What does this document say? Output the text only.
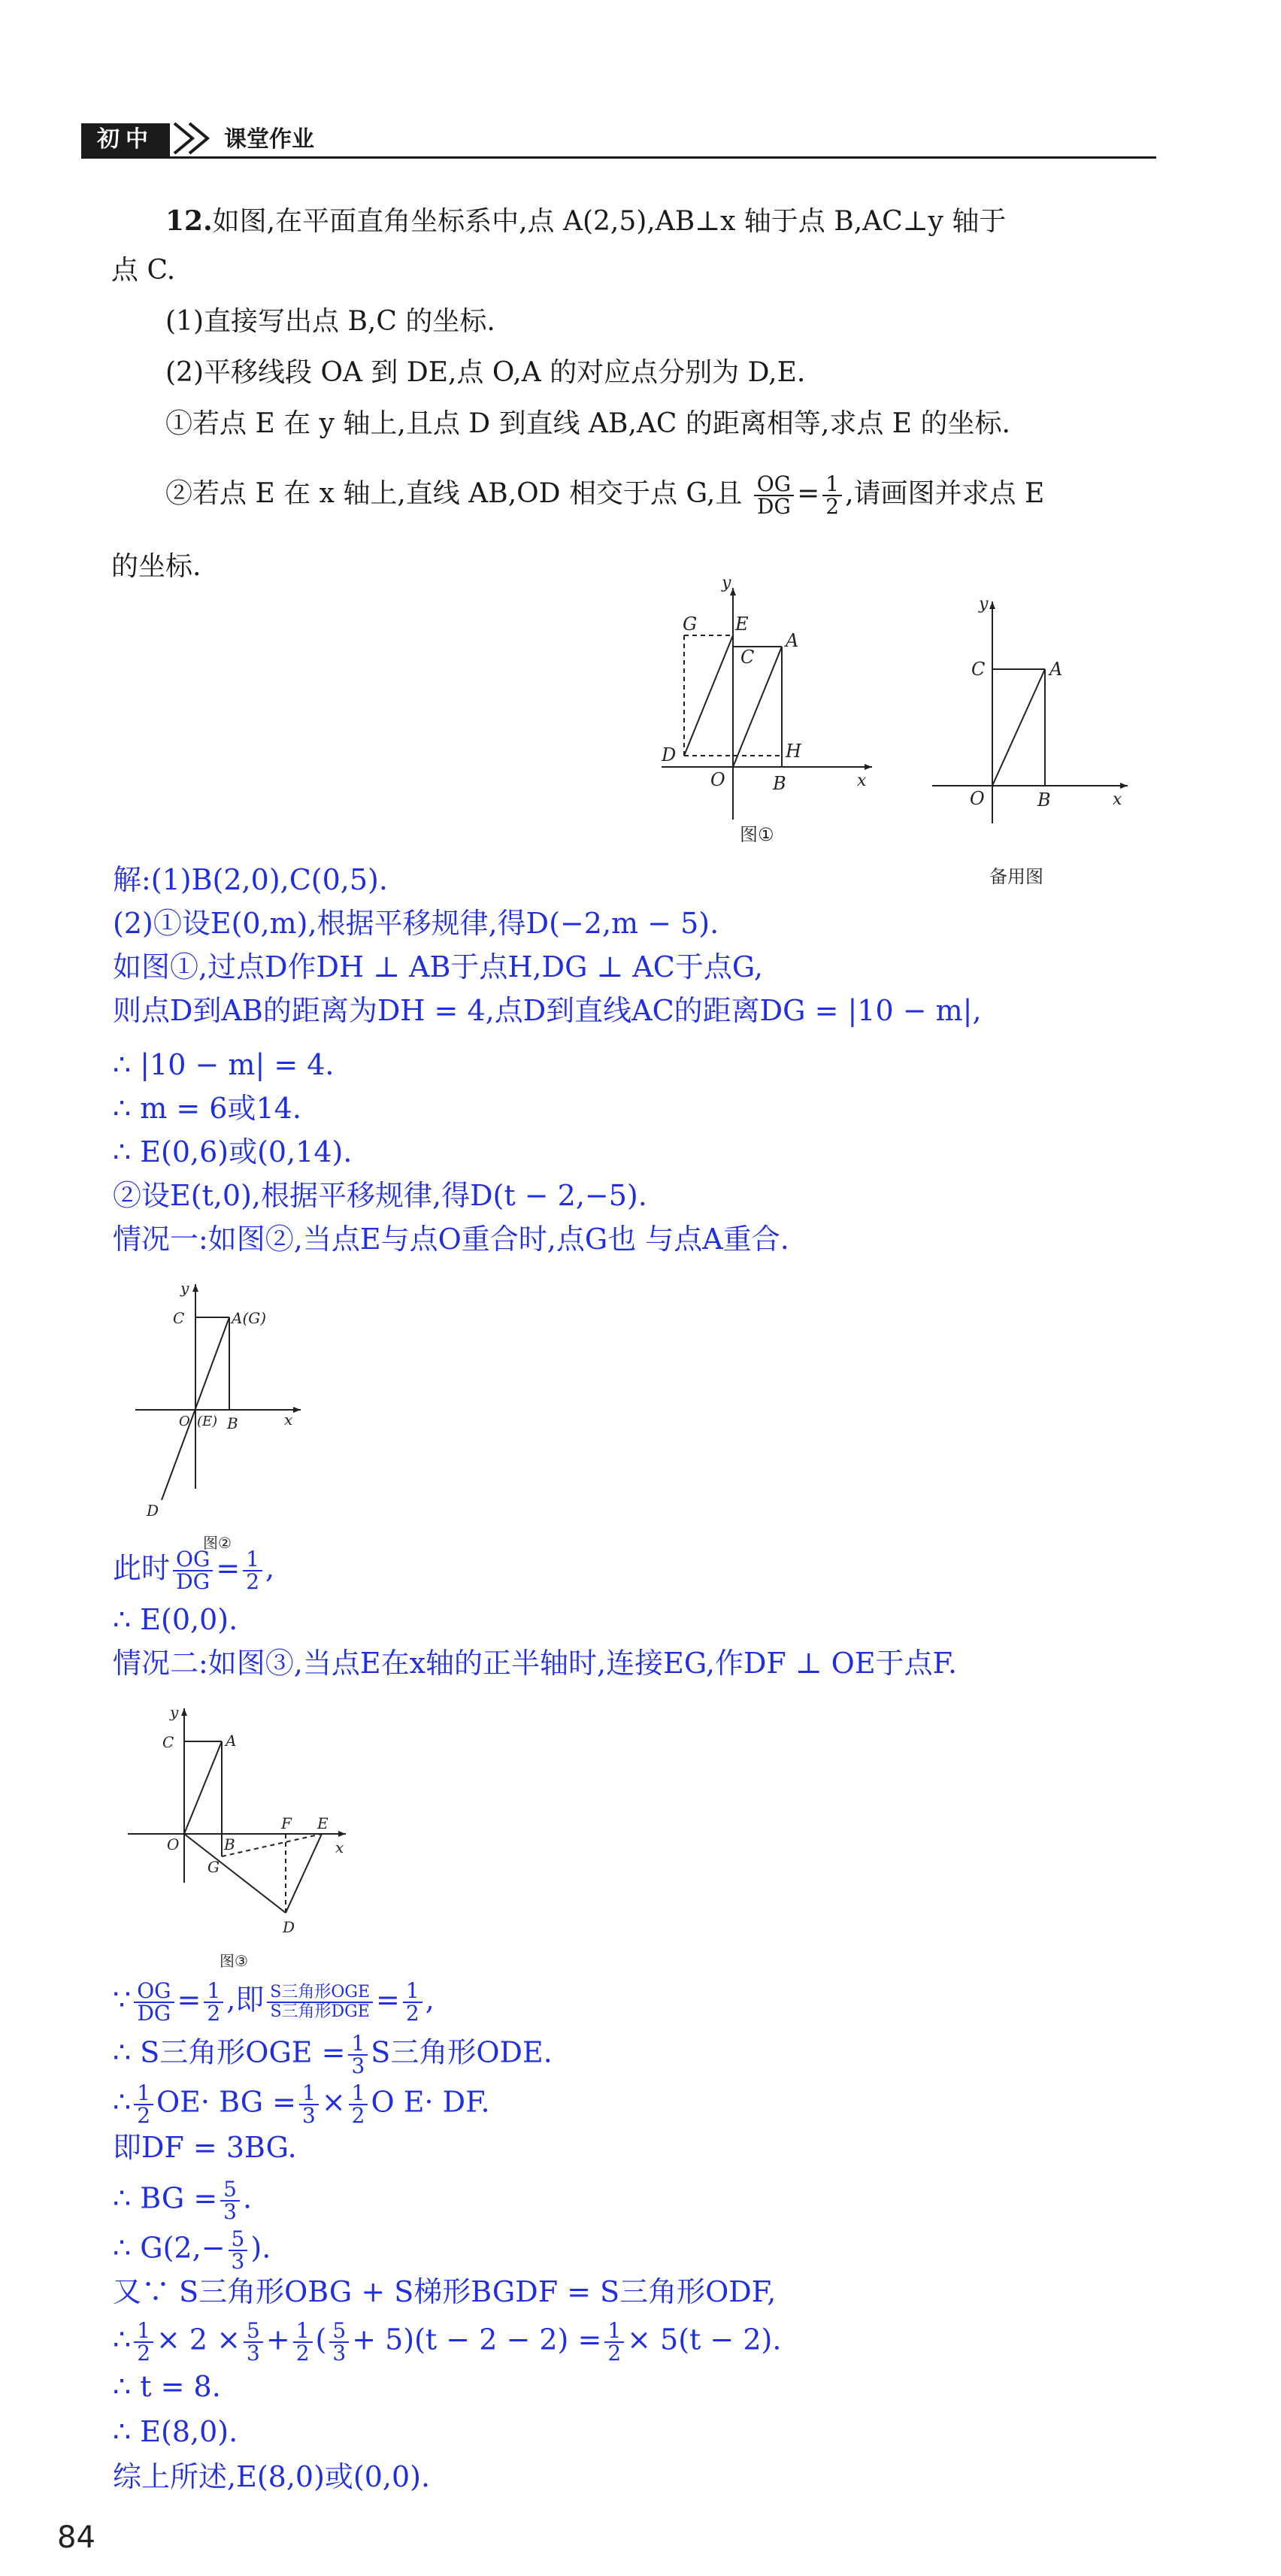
初中	课堂作业
12.如图,在平面直角坐标系中,点 A(2,5),AB⊥x 轴于点 B,AC⊥y 轴于
点 C.
(1)直接写出点 B,C 的坐标.
(2)平移线段 OA 到 DE,点 O,A 的对应点分别为 D,E.
①若点 E 在 y 轴上,且点 D 到直线 AB,AC 的距离相等,求点 E 的坐标.
②若点 E 在 x 轴上,直线 AB,OD 相交于点 G,且 $\frac{OG}{DG} = \frac{1}{2}$ ,请画图并求点 E
的坐标.
y
x
G E
C
A
D	H
O	B
图①
y
x
C	A
O	B
备用图
解:(1)B(2,0),C(0,5).
(2)①设E(0,m),根据平移规律,得D(−2,m − 5).
如图①,过点D作DH ⊥ AB于点H,DG ⊥ AC于点G,
则点D到AB的距离为DH = 4,点D到直线AC的距离DG = |10 − m|,
∴ |10 − m| = 4.
∴ m = 6或14.
∴ E(0,6)或(0,14).
②设E(t,0),根据平移规律,得D(t − 2,−5).
情况一:如图②,当点E与点O重合时,点G也 与点A重合.
y
x
C	A(G)
O (E) B
D
图②
此时 $\frac{OG}{DG} = \frac{1}{2}$ ,
∴ E(0,0).
情况二:如图③,当点E在x轴的正半轴时,连接EG,作DF ⊥ OE于点F.
y
x
C	A
O	B
G
F E
D
图③
∵ $\frac{OG}{DG} = \frac{1}{2}$ ,即 $\frac{\text{S三角形OGE}}{\text{S三角形DGE}} = \frac{1}{2}$ ,
∴ S三角形OGE = $\frac{1}{3}$ S三角形ODE.
∴ $\frac{1}{2} OE\cdot$ BG = $\frac{1}{3} \times \frac{1}{2}$ O E· DF.
即DF = 3BG.
∴ BG = $\frac{5}{3}$ .
∴ $G(2,- \frac{5}{3}$ ).
又∵ S三角形OBG + S梯形BGDF = S三角形ODF,
∴ $\frac{1}{2} \times 2 \times \frac{5}{3} + \frac{1}{2}$ ( $\frac{5}{3} + 5)(t - 2 - 2) = \frac{1}{2} \times 5(t - 2)$.
∴ t = 8.
∴ E(8,0).
综上所述,E(8,0)或(0,0).
84
